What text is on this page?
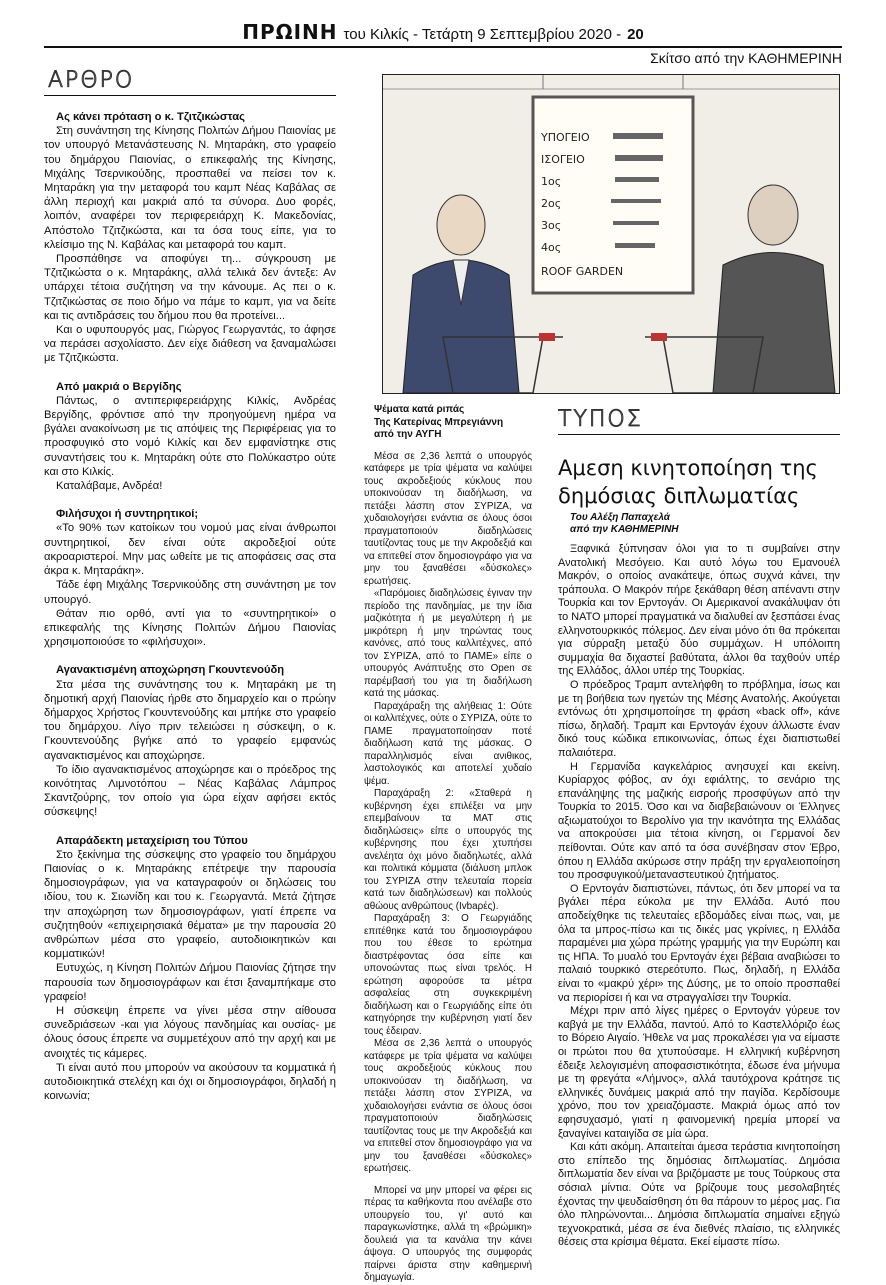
ΠΡΩΙΝΗ του Κιλκίς - Τετάρτη 9 Σεπτεμβρίου 2020 - 20
Σκίτσο από την ΚΑΘΗΜΕΡΙΝΗ
ΑΡΘΡΟ
ΤΥΠΟΣ
Ας κάνει πρόταση ο κ. Τζιτζικώστας

Στη συνάντηση της Κίνησης Πολιτών Δήμου Παιονίας με τον υπουργό Μετανάστευσης Ν. Μηταράκη, στο γραφείο του δημάρχου Παιονίας, ο επικεφαλής της Κίνησης, Μιχάλης Τσερνικούδης, προσπαθεί να πείσει τον κ. Μηταράκη για την μεταφορά του καμπ Νέας Καβάλας σε άλλη περιοχή και μακριά από τα σύνορα. Δυο φορές, λοιπόν, αναφέρει τον περιφερειάρχη Κ. Μακεδονίας, Απόστολο Τζιτζικώστα, και τα όσα τους είπε, για το κλείσιμο της Ν. Καβάλας και μεταφορά του καμπ.

Προσπάθησε να αποφύγει τη... σύγκρουση με Τζιτζικώστα ο κ. Μηταράκης, αλλά τελικά δεν άντεξε: Αν υπάρχει τέτοια συζήτηση να την κάνουμε. Ας πει ο κ. Τζιτζικώστας σε ποιο δήμο να πάμε το καμπ, για να δείτε και τις αντιδράσεις του δήμου που θα προτείνει...

Και ο υφυπουργός μας, Γιώργος Γεωργαντάς, το άφησε να περάσει ασχολίαστο. Δεν είχε διάθεση να ξαναμαλώσει με Τζιτζικώστα.

Από μακριά ο Βεργίδης

Πάντως, ο αντιπεριφερειάρχης Κιλκίς, Ανδρέας Βεργίδης, φρόντισε από την προηγούμενη ημέρα να βγάλει ανακοίνωση με τις απόψεις της Περιφέρειας για το προσφυγικό στο νομό Κιλκίς και δεν εμφανίστηκε στις συναντήσεις του κ. Μηταράκη ούτε στο Πολύκαστρο ούτε και στο Κιλκίς.

Καταλάβαμε, Ανδρέα!

Φιλήσυχοι ή συντηρητικοί;

«Το 90% των κατοίκων του νομού μας είναι άνθρωποι συντηρητικοί, δεν είναι ούτε ακροδεξιοί ούτε ακροαριστεροί. Μην μας ωθείτε με τις αποφάσεις σας στα άκρα κ. Μηταράκη».

Τάδε έφη Μιχάλης Τσερνικούδης στη συνάντηση με τον υπουργό.

Θάταν πιο ορθό, αντί για το «συντηρητικοί» ο επικεφαλής της Κίνησης Πολιτών Δήμου Παιονίας χρησιμοποιούσε το «φιλήσυχοι».

Αγανακτισμένη αποχώρηση Γκουντενούδη

Στα μέσα της συνάντησης του κ. Μηταράκη με τη δημοτική αρχή Παιονίας ήρθε στο δημαρχείο και ο πρώην δήμαρχος Χρήστος Γκουντενούδης και μπήκε στο γραφείο του δημάρχου. Λίγο πριν τελειώσει η σύσκεψη, ο κ. Γκουντενούδης βγήκε από το γραφείο εμφανώς αγανακτισμένος και αποχώρησε.

Το ίδιο αγανακτισμένος αποχώρησε και ο πρόεδρος της κοινότητας Λιμνοτόπου – Νέας Καβάλας Λάμπρος Σκαντζούρης, τον οποίο για ώρα είχαν αφήσει εκτός σύσκεψης!

Απαράδεκτη μεταχείριση του Τύπου

Στο ξεκίνημα της σύσκεψης στο γραφείο του δημάρχου Παιονίας ο κ. Μηταράκης επέτρεψε την παρουσία δημοσιογράφων, για να καταγραφούν οι δηλώσεις του ιδίου, του κ. Σιωνίδη και του κ. Γεωργαντά. Μετά ζήτησε την αποχώρηση των δημοσιογράφων, γιατί έπρεπε να συζητηθούν «επιχειρησιακά θέματα» με την παρουσία 20 ανθρώπων μέσα στο γραφείο, αυτοδιοικητικών και κομματικών!

Ευτυχώς, η Κίνηση Πολιτών Δήμου Παιονίας ζήτησε την παρουσία των δημοσιογράφων και έτσι ξαναμπήκαμε στο γραφείο!

Η σύσκεψη έπρεπε να γίνει μέσα στην αίθουσα συνεδριάσεων -και για λόγους πανδημίας και ουσίας- με όλους όσους έπρεπε να συμμετέχουν από την αρχή και με ανοιχτές τις κάμερες.

Τι είναι αυτό που μπορούν να ακούσουν τα κομματικά ή αυτοδιοικητικά στελέχη και όχι οι δημοσιογράφοι, δηλαδή η κοινωνία;

ΥΠΟΓΕΙΟ
ΙΣΟΓΕΙΟ
1ος
2ος
3ος
4ος
ROOF GARDEN
Ψέματα κατά ριπάς
Της Κατερίνας Μπρεγιάννη
από την ΑΥΓΗ

Μέσα σε 2,36 λεπτά ο υπουργός κατάφερε με τρία ψέματα να καλύψει τους ακροδεξιούς κύκλους που υποκινούσαν τη διαδήλωση, να πετάξει λάσπη στον ΣΥΡΙΖΑ, να χυδαιολογήσει ενάντια σε όλους όσοι πραγματοποιούν διαδηλώσεις ταυτίζοντας τους με την Ακροδεξιά και να επιτεθεί στον δημοσιογράφο για να μην του ξαναθέσει «δύσκολες» ερωτήσεις.

«Παρόμοιες διαδηλώσεις έγιναν την περίοδο της πανδημίας, με την ίδια μαζικότητα ή με μεγαλύτερη ή με μικρότερη ή μην τηρώντας τους κανόνες, από τους καλλιτέχνες, από τον ΣΥΡΙΖΑ, από το ΠΑΜΕ» είπε ο υπουργός Ανάπτυξης στο Open σε παρέμβασή του για τη διαδήλωση κατά της μάσκας.

Παραχάραξη της αλήθειας 1: Ούτε οι καλλιτέχνες, ούτε ο ΣΥΡΙΖΑ, ούτε το ΠΑΜΕ πραγματοποίησαν ποτέ διαδήλωση κατά της μάσκας. Ο παραλληλισμός είναι ανιθικος, λαστολογικός και αποτελεί χυδαίο ψέμα.

Παραχάραξη 2: «Σταθερά η κυβέρνηση έχει επιλέξει να μην επεμβαίνουν τα ΜΑΤ στις διαδηλώσεις» είπε ο υπουργός της κυβέρνησης που έχει χτυπήσει ανελέητα όχι μόνο διαδηλωτές, αλλά και πολιτικά κόμματα (διάλυση μπλοκ του ΣΥΡΙΖΑ στην τελευταία πορεία κατά των διαδηλώσεων) και πολλούς αθώους ανθρώπους (Ivbaρές).

Παραχάραξη 3: Ο Γεωργιάδης επιτέθηκε κατά του δημοσιογράφου που του έθεσε το ερώτημα διαστρέφοντας όσα είπε και υπονοώντας πως είναι τρελός. Η ερώτηση αφορούσε τα μέτρα ασφαλείας στη συγκεκριμένη διαδήλωση και ο Γεωργιάδης είπε ότι κατηγόρησε την κυβέρνηση γιατί δεν τους έδειραν.

Μέσα σε 2,36 λεπτά ο υπουργός κατάφερε με τρία ψέματα να καλύψει τους ακροδεξιούς κύκλους που υποκινούσαν τη διαδήλωση, να πετάξει λάσπη στον ΣΥΡΙΖΑ, να χυδαιολογήσει ενάντια σε όλους όσοι πραγματοποιούν διαδηλώσεις ταυτίζοντας τους με την Ακροδεξιά και να επιτεθεί στον δημοσιογράφο για να μην του ξαναθέσει «δύσκολες» ερωτήσεις.

Μπορεί να μην μπορεί να φέρει εις πέρας τα καθήκοντα που ανέλαβε στο υπουργείο του, γι' αυτό και παραγκωνίστηκε, αλλά τη «βρώμικη» δουλειά για τα κανάλια την κάνει άψογα. Ο υπουργός της συμφοράς παίρνει άριστα στην καθημερινή δημαγωγία.

Αμεση κινητοποίηση της δημόσιας διπλωματίας
Του Αλέξη Παπαχελά
από την ΚΑΘΗΜΕΡΙΝΗ

Ξαφνικά ξύπνησαν όλοι για το τι συμβαίνει στην Ανατολική Μεσόγειο. Και αυτό λόγω του Εμανουέλ Μακρόν, ο οποίος ανακάτεψε, όπως συχνά κάνει, την τράπουλα. Ο Μακρόν πήρε ξεκάθαρη θέση απέναντι στην Τουρκία και τον Ερντογάν. Οι Αμερικανοί ανακάλυψαν ότι το ΝΑΤΟ μπορεί πραγματικά να διαλυθεί αν ξεσπάσει ένας ελληνοτουρκικός πόλεμος. Δεν είναι μόνο ότι θα πρόκειται για σύρραξη μεταξύ δύο συμμάχων. Η υπόλοιπη συμμαχία θα διχαστεί βαθύτατα, άλλοι θα ταχθούν υπέρ της Ελλάδος, άλλοι υπέρ της Τουρκίας.

Ο πρόεδρος Τραμπ αντελήφθη το πρόβλημα, ίσως και με τη βοήθεια των ηγετών της Μέσης Ανατολής. Ακούγεται εντόνως ότι χρησιμοποίησε τη φράση «back off», κάνε πίσω, δηλαδή. Τραμπ και Ερντογάν έχουν άλλωστε έναν δικό τους κώδικα επικοινωνίας, όπως έχει διαπιστωθεί παλαιότερα.

Η Γερμανίδα καγκελάριος ανησυχεί και εκείνη. Κυρίαρχος φόβος, αν όχι εφιάλτης, το σενάριο της επανάληψης της μαζικής εισροής προσφύγων από την Τουρκία το 2015. Όσο και να διαβεβαιώνουν οι Έλληνες αξιωματούχοι το Βερολίνο για την ικανότητα της Ελλάδας να αποκρούσει μια τέτοια κίνηση, οι Γερμανοί δεν πείθονται. Ούτε καν από τα όσα συνέβησαν στον Έβρο, όπου η Ελλάδα ακύρωσε στην πράξη την εργαλειοποίηση του προσφυγικού/μεταναστευτικού ζητήματος.

Ο Ερντογάν διαπιστώνει, πάντως, ότι δεν μπορεί να τα βγάλει πέρα εύκολα με την Ελλάδα. Αυτό που αποδείχθηκε τις τελευταίες εβδομάδες είναι πως, ναι, με όλα τα μπρος-πίσω και τις δικές μας γκρίνιες, η Ελλάδα παραμένει μια χώρα πρώτης γραμμής για την Ευρώπη και τις ΗΠΑ. Το μυαλό του Ερντογάν έχει βέβαια αναβιώσει το παλαιό τουρκικό στερεότυπο. Πως, δηλαδή, η Ελλάδα είναι το «μακρύ χέρι» της Δύσης, με το οποίο προσπαθεί να περιορίσει ή και να στραγγαλίσει την Τουρκία.

Μέχρι πριν από λίγες ημέρες ο Ερντογάν γύρευε τον καβγά με την Ελλάδα, παντού. Από το Καστελλόριζο έως το Βόρειο Αιγαίο. Ήθελε να μας προκαλέσει για να είμαστε οι πρώτοι που θα χτυπούσαμε. Η ελληνική κυβέρνηση έδειξε λελογισμένη αποφασιστικότητα, έδωσε ένα μήνυμα με τη φρεγάτα «Λήμνος», αλλά ταυτόχρονα κράτησε τις ελληνικές δυνάμεις μακριά από την παγίδα. Κερδίσουμε χρόνο, που τον χρειαζόμαστε. Μακριά όμως από τον εφησυχασμό, γιατί η φαινομενική ηρεμία μπορεί να ξαναγίνει καταιγίδα σε μία ώρα.

Και κάτι ακόμη. Απαιτείται άμεσα τεράστια κινητοποίηση στο επίπεδο της δημόσιας διπλωματίας. Δημόσια διπλωματία δεν είναι να βριζόμαστε με τους Τούρκους στα σόσιαλ μίντια. Ούτε να βρίζουμε τους μεσολαβητές έχοντας την ψευδαίσθηση ότι θα πάρουν το μέρος μας. Για όλο πληρώνονται... Δημόσια διπλωματία σημαίνει εξηγώ τεχνοκρατικά, μέσα σε ένα διεθνές πλαίσιο, τις ελληνικές θέσεις στα κρίσιμα θέματα. Εκεί είμαστε πίσω.
